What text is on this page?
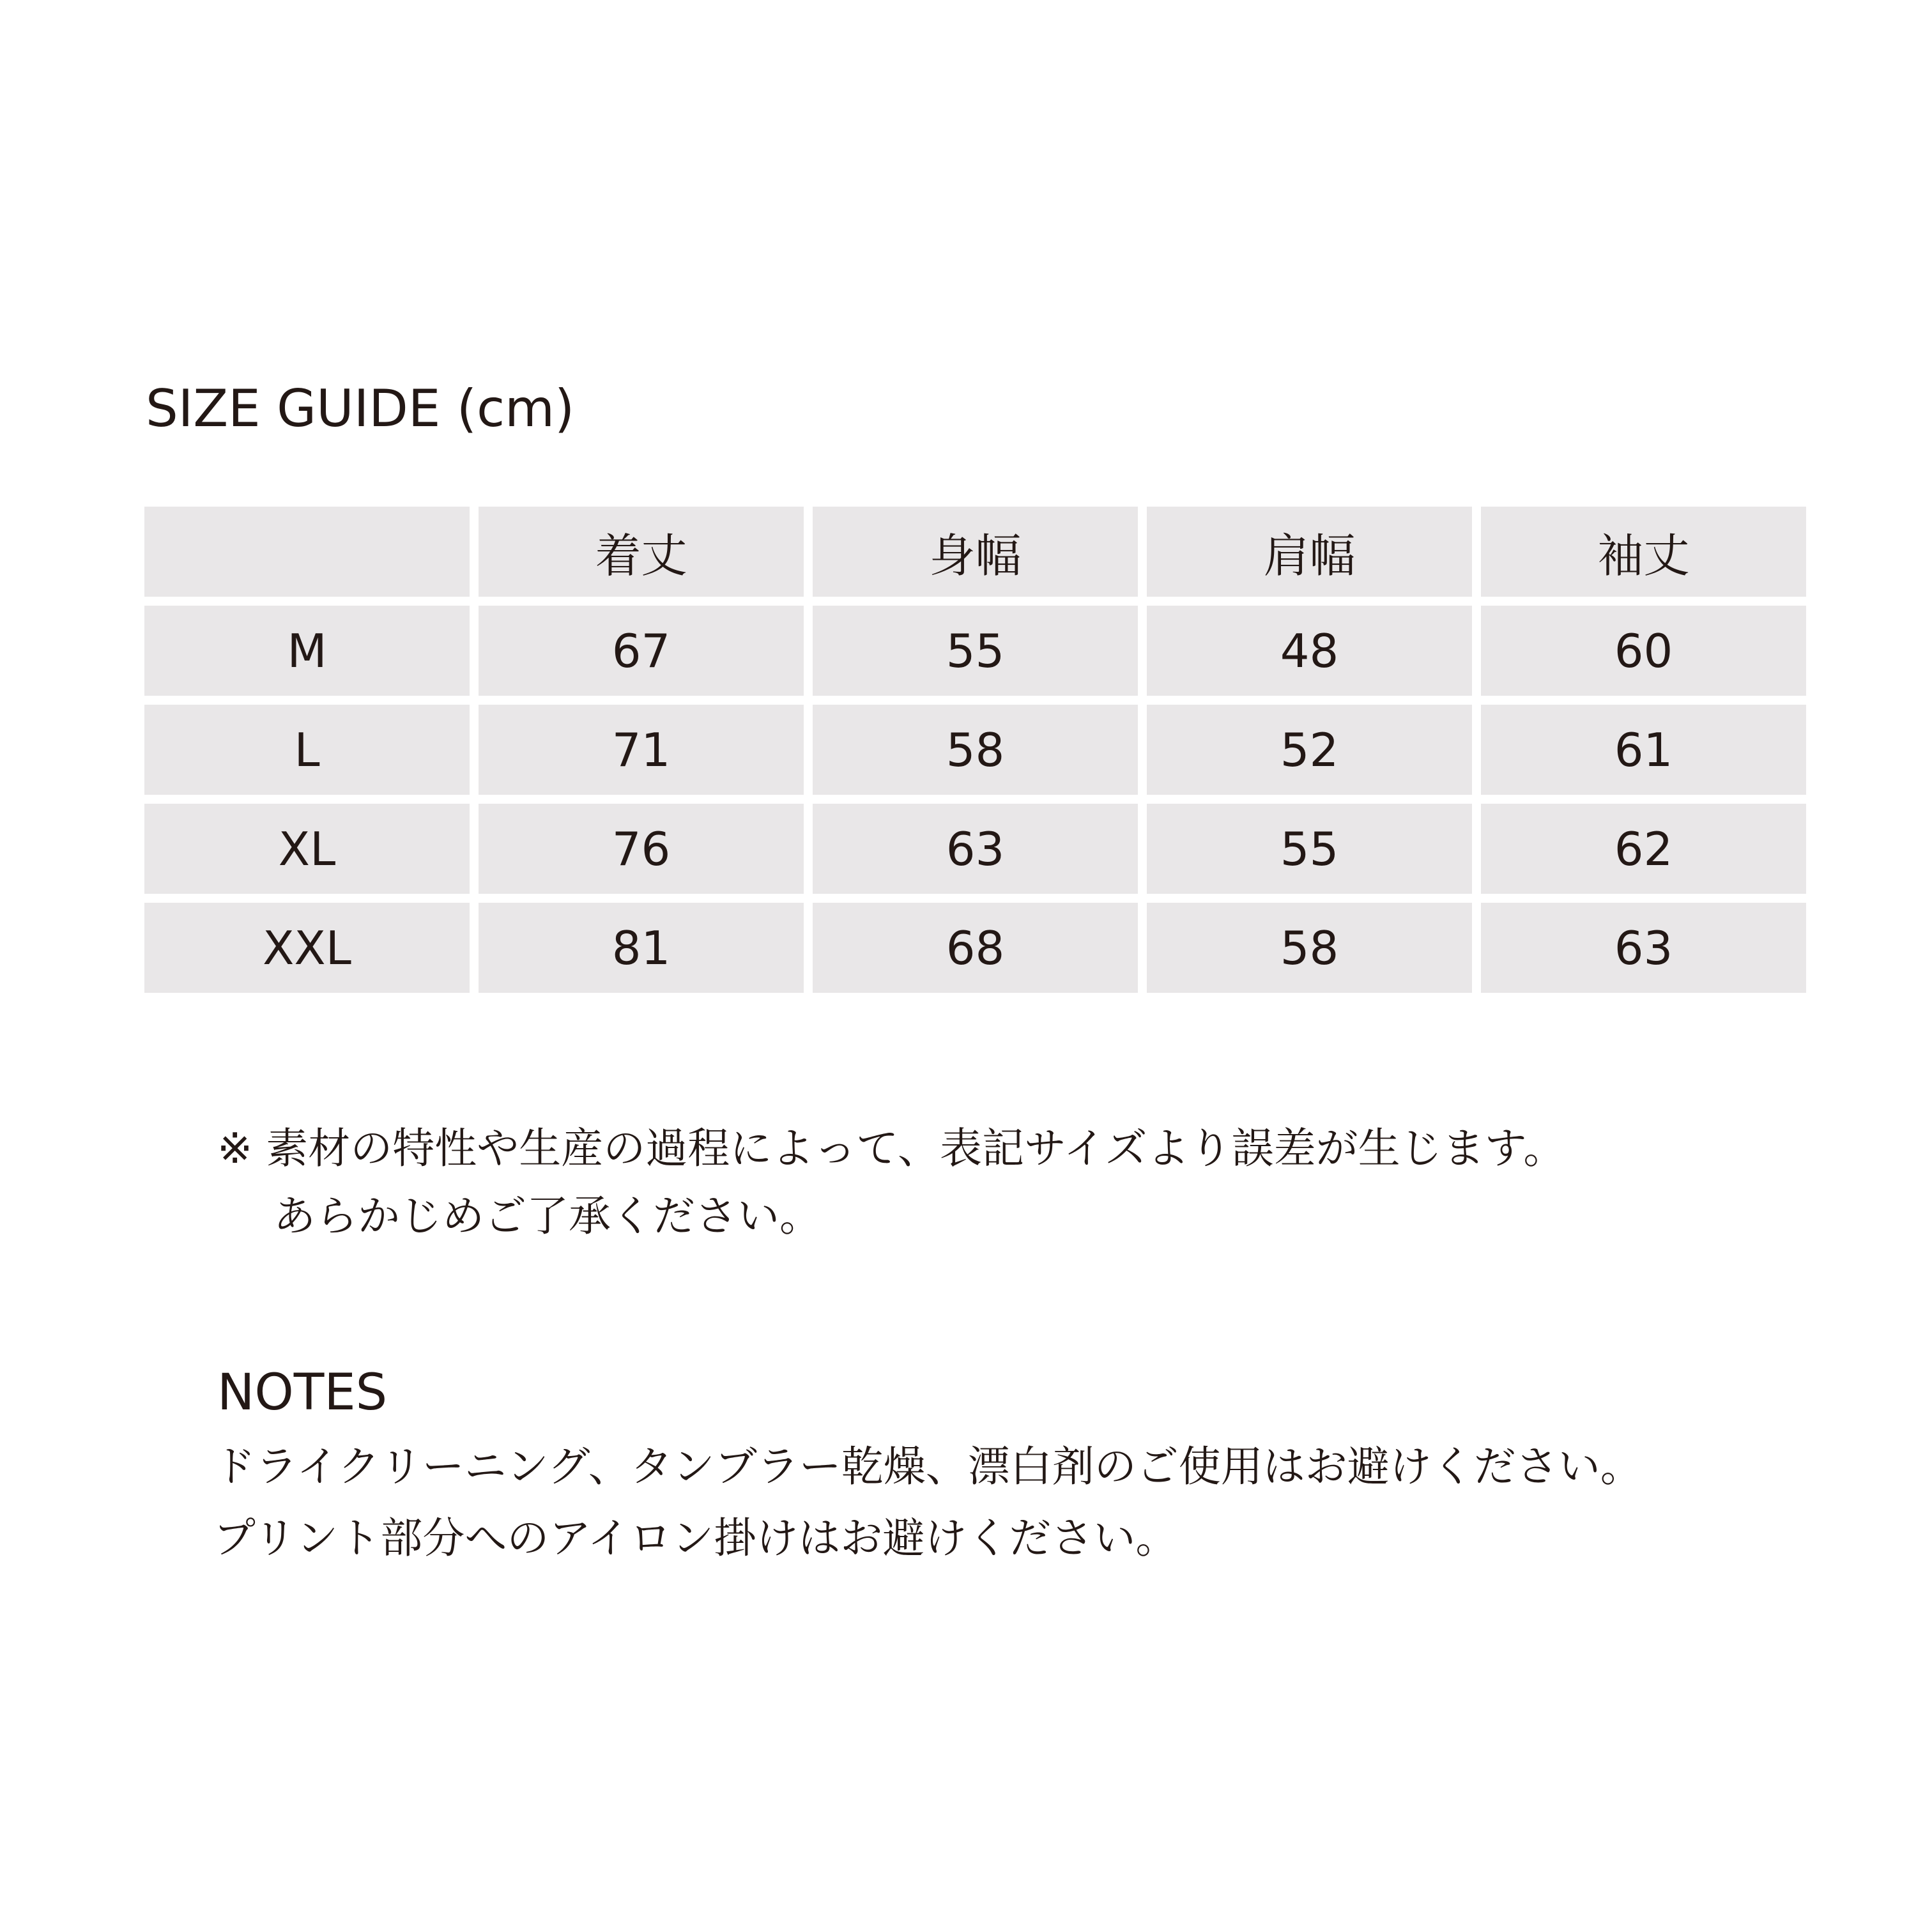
SIZE GUIDE (cm)
	着丈	身幅	肩幅	袖丈
M	67	55	48	60
L	71	58	52	61
XL	76	63	55	62
XXL	81	68	58	63
※ 素材の特性や生産の過程によって、表記サイズより誤差が生じます。
あらかじめご了承ください。
NOTES
ドライクリーニング、タンブラー乾燥、漂白剤のご使用はお避けください。
プリント部分へのアイロン掛けはお避けください。
